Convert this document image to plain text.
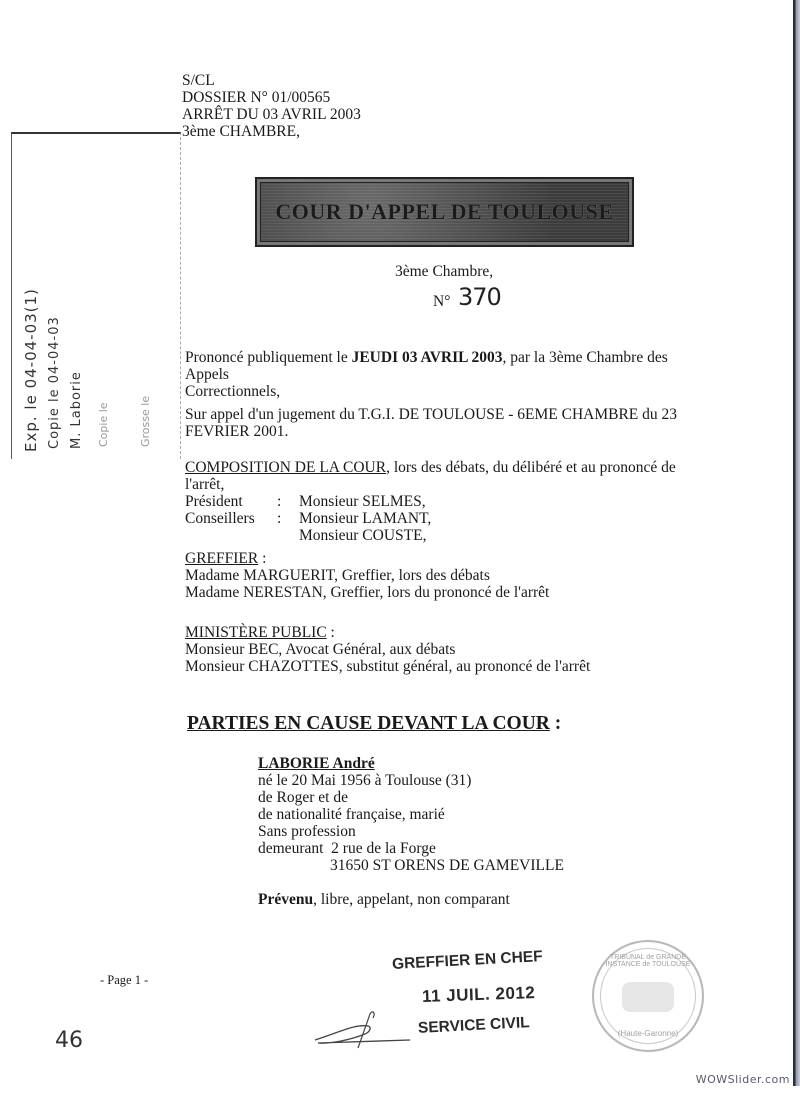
S/CL
DOSSIER N° 01/00565
ARRÊT DU 03 AVRIL 2003
3ème CHAMBRE,
Exp. le 04-04-03(1) Copie le 04-04-03 M. Laborie Copie le	Grosse le
COUR D'APPEL DE TOULOUSE
3ème Chambre,
N° 370
Prononcé publiquement le JEUDI 03 AVRIL 2003, par la 3ème Chambre des Appels
Correctionnels,
Sur appel d'un jugement du T.G.I. DE TOULOUSE - 6EME CHAMBRE du 23
FEVRIER 2001.
COMPOSITION DE LA COUR, lors des débats, du délibéré et au prononcé de l'arrêt,
Président	:	Monsieur SELMES,
Conseillers	:	Monsieur LAMANT,
Monsieur COUSTE,
GREFFIER :
Madame MARGUERIT, Greffier, lors des débats
Madame NERESTAN, Greffier, lors du prononcé de l'arrêt
MINISTÈRE PUBLIC :
Monsieur BEC, Avocat Général, aux débats
Monsieur CHAZOTTES, substitut général, au prononcé de l'arrêt
PARTIES EN CAUSE DEVANT LA COUR :
LABORIE André
né le 20 Mai 1956 à Toulouse (31)
de Roger et de
de nationalité française, marié
Sans profession
demeurant  2 rue de la Forge
31650 ST ORENS DE GAMEVILLE
Prévenu, libre, appelant, non comparant
- Page 1 -
46
GREFFIER EN CHEF
11 JUIL. 2012
SERVICE CIVIL
TRIBUNAL de GRANDE INSTANCE de TOULOUSE
(Haute-Garonne)
WOWSlider.com
